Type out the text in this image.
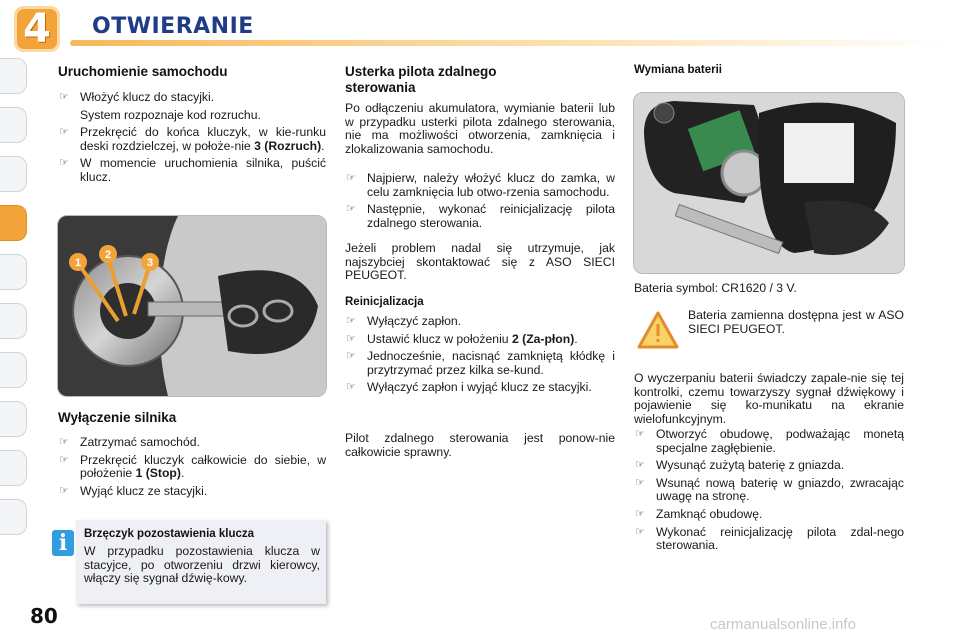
4	OTWIERANIE
Uruchomienie samochodu
☞ Włożyć klucz do stacyjki.
System rozpoznaje kod rozruchu.
☞ Przekręcić do końca kluczyk, w kie-runku deski rozdzielczej, w położe-nie 3 (Rozruch).
☞ W momencie uruchomienia silnika, puścić klucz.
1
2
3
Wyłączenie silnika
☞ Zatrzymać samochód.
☞ Przekręcić kluczyk całkowicie do siebie, w położenie 1 (Stop).
☞ Wyjąć klucz ze stacyjki.
i	Brzęczyk pozostawienia klucza
W przypadku pozostawienia klucza w stacyjce, po otworzeniu drzwi kierowcy, włączy się sygnał dźwię-kowy.
Usterka pilota zdalnego sterowania
Po odłączeniu akumulatora, wymianie baterii lub w przypadku usterki pilota zdalnego sterowania, nie ma możliwości otworzenia, zamknięcia i zlokalizowania samochodu.
☞ Najpierw, należy włożyć klucz do zamka, w celu zamknięcia lub otwo-rzenia samochodu.
☞ Następnie, wykonać reinicjalizację pilota zdalnego sterowania.
Jeżeli problem nadal się utrzymuje, jak najszybciej skontaktować się z ASO SIECI PEUGEOT.
Reinicjalizacja
☞ Wyłączyć zapłon.
☞ Ustawić klucz w położeniu 2 (Za-płon).
☞ Jednocześnie, nacisnąć zamkniętą kłódkę i przytrzymać przez kilka se-kund.
☞ Wyłączyć zapłon i wyjąć klucz ze stacyjki.
Pilot zdalnego sterowania jest ponow-nie całkowicie sprawny.
Wymiana baterii
Bateria symbol: CR1620 / 3 V.
Bateria zamienna dostępna jest w ASO SIECI PEUGEOT.
O wyczerpaniu baterii świadczy zapale-nie się tej kontrolki, czemu towarzyszy sygnał dźwiękowy i pojawienie się ko-munikatu na ekranie wielofunkcyjnym.
☞ Otworzyć obudowę, podważając monetą specjalne zagłębienie.
☞ Wysunąć zużytą baterię z gniazda.
☞ Wsunąć nową baterię w gniazdo, zwracając uwagę na stronę.
☞ Zamknąć obudowę.
☞ Wykonać reinicjalizację pilota zdal-nego sterowania.
80	carmanualsonline.info
